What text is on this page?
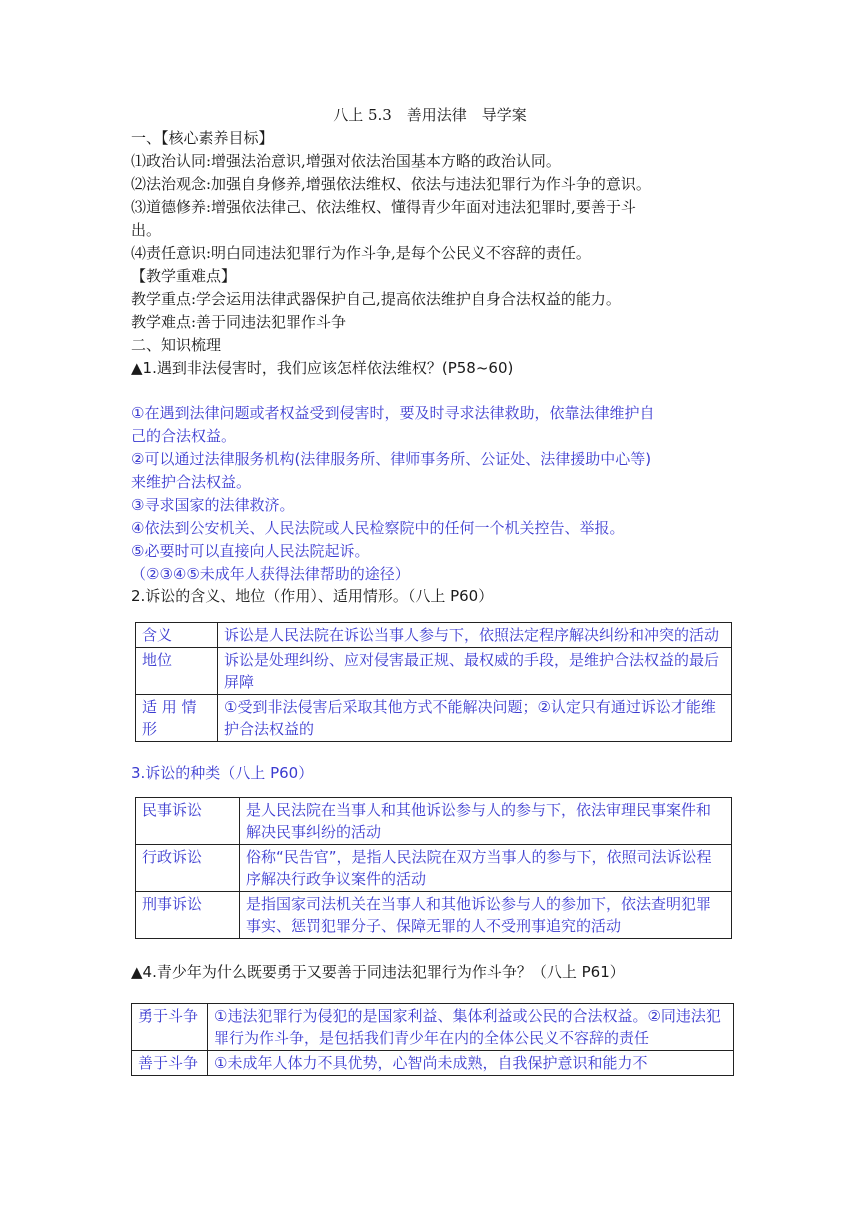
八上 5.3　善用法律　导学案
一、【核心素养目标】
⑴政治认同:增强法治意识,增强对依法治国基本方略的政治认同。
⑵法治观念:加强自身修养,增强依法维权、依法与违法犯罪行为作斗争的意识。
⑶道德修养:增强依法律己、依法维权、懂得青少年面对违法犯罪时,要善于斗
出。
⑷责任意识:明白同违法犯罪行为作斗争,是每个公民义不容辞的责任。
【教学重难点】
教学重点:学会运用法律武器保护自己,提高依法维护自身合法权益的能力。
教学难点:善于同违法犯罪作斗争
二、知识梳理
▲1.遇到非法侵害时，我们应该怎样依法维权？(P58~60)
①在遇到法律问题或者权益受到侵害时，要及时寻求法律救助，依靠法律维护自
己的合法权益。
②可以通过法律服务机构(法律服务所、律师事务所、公证处、法律援助中心等)
来维护合法权益。
③寻求国家的法律救济。
④依法到公安机关、人民法院或人民检察院中的任何一个机关控告、举报。
⑤必要时可以直接向人民法院起诉。
（②③④⑤未成年人获得法律帮助的途径）
2.诉讼的含义、地位（作用）、适用情形。（八上 P60）
含义	诉讼是人民法院在诉讼当事人参与下，依照法定程序解决纠纷和冲突的活动
地位	诉讼是处理纠纷、应对侵害最正规、最权威的手段，是维护合法权益的最后屏障
适 用 情 形	①受到非法侵害后采取其他方式不能解决问题；②认定只有通过诉讼才能维护合法权益的
3.诉讼的种类（八上 P60）
民事诉讼	是人民法院在当事人和其他诉讼参与人的参与下，依法审理民事案件和解决民事纠纷的活动
行政诉讼	俗称“民告官”，是指人民法院在双方当事人的参与下，依照司法诉讼程序解决行政争议案件的活动
刑事诉讼	是指国家司法机关在当事人和其他诉讼参与人的参加下，依法查明犯罪事实、惩罚犯罪分子、保障无罪的人不受刑事追究的活动
▲4.青少年为什么既要勇于又要善于同违法犯罪行为作斗争？（八上 P61）
勇于斗争	①违法犯罪行为侵犯的是国家利益、集体利益或公民的合法权益。②同违法犯罪行为作斗争，是包括我们青少年在内的全体公民义不容辞的责任
善于斗争	①未成年人体力不具优势，心智尚未成熟，自我保护意识和能力不
